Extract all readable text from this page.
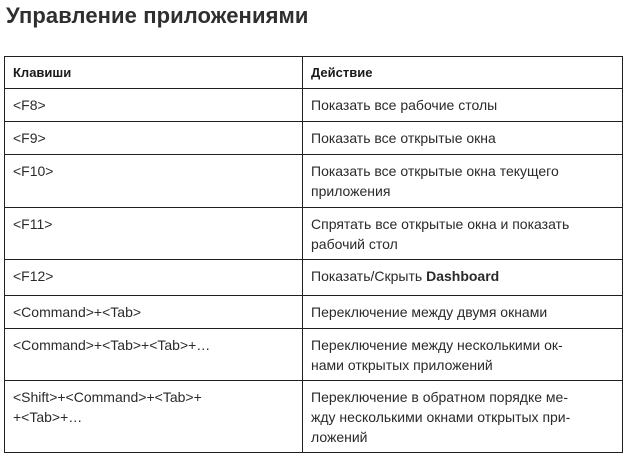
Управление приложениями
Клавиши	Действие

<F8>	Показать все рабочие столы

<F9>	Показать все открытые окна

<F10>	Показать все открытые окна текущего
приложения

<F11>	Спрятать все открытые окна и показать
рабочий стол

<F12>	Показать/Скрыть Dashboard

<Command>+<Tab>	Переключение между двумя окнами

<Command>+<Tab>+<Tab>+…	Переключение между несколькими ок-
нами открытых приложений

<Shift>+<Command>+<Tab>+
+<Tab>+…	Переключение в обратном порядке ме-
жду несколькими окнами открытых при-
ложений
